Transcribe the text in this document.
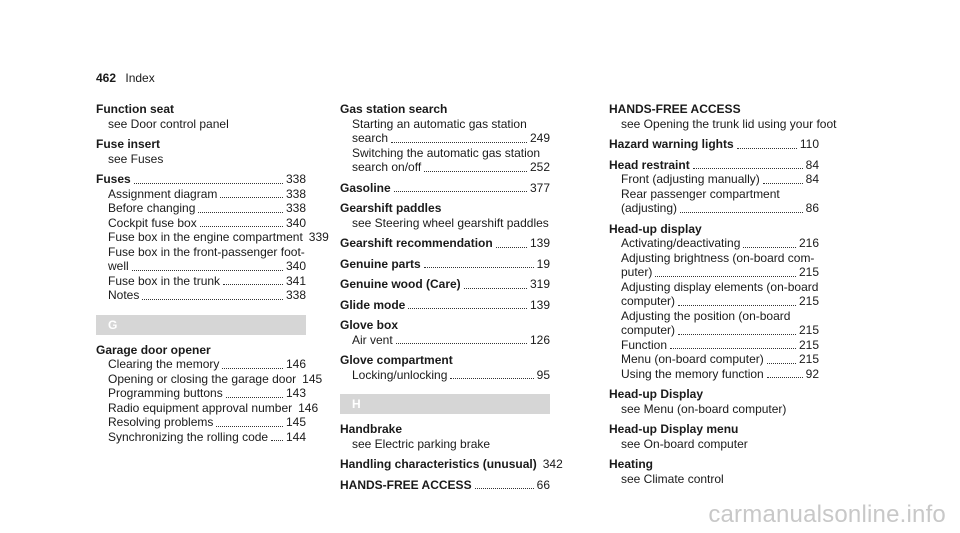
462 Index
Function seat
see Door control panel
Fuse insert
see Fuses
Fuses	338
Assignment diagram	338
Before changing	338
Cockpit fuse box	340
Fuse box in the engine compartment 339
Fuse box in the front-passenger foot-
well	340
Fuse box in the trunk	341
Notes	338
G
Garage door opener
Clearing the memory	146
Opening or closing the garage door 145
Programming buttons	143
Radio equipment approval number 146
Resolving problems	145
Synchronizing the rolling code 144
Gas station search
Starting an automatic gas station
search	249
Switching the automatic gas station
search on/off	252
Gasoline	377
Gearshift paddles
see Steering wheel gearshift paddles
Gearshift recommendation	139
Genuine parts	19
Genuine wood (Care)	319
Glide mode	139
Glove box
Air vent	126
Glove compartment
Locking/unlocking	95
H
Handbrake
see Electric parking brake
Handling characteristics (unusual) 342
HANDS-FREE ACCESS	66
HANDS-FREE ACCESS
see Opening the trunk lid using your foot
Hazard warning lights	110
Head restraint	84
Front (adjusting manually)	84
Rear passenger compartment
(adjusting)	86
Head-up display
Activating/deactivating	216
Adjusting brightness (on-board com-
puter)	215
Adjusting display elements (on-board
computer)	215
Adjusting the position (on-board
computer)	215
Function	215
Menu (on-board computer)	215
Using the memory function	92
Head-up Display
see Menu (on-board computer)
Head-up Display menu
see On-board computer
Heating
see Climate control
carmanualsonline.info
